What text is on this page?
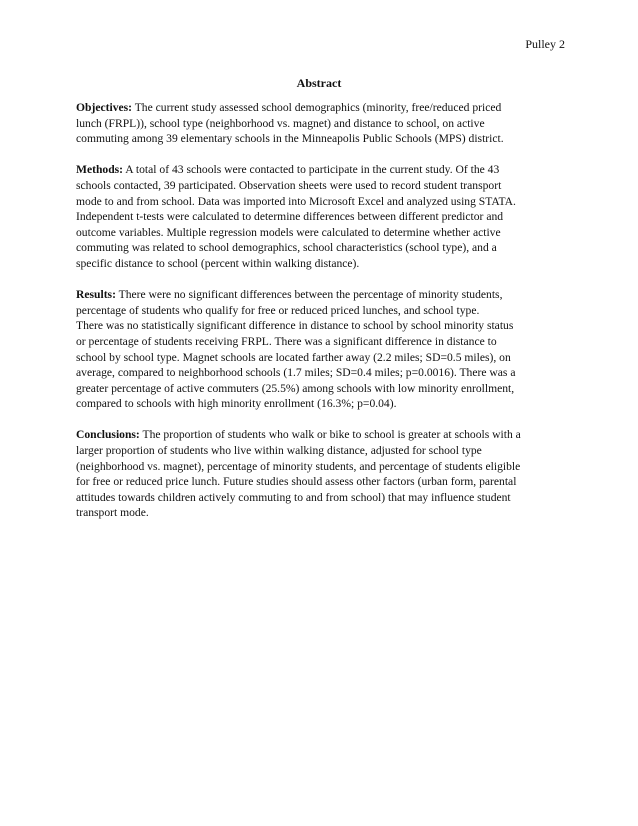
Pulley 2
Abstract

Objectives: The current study assessed school demographics (minority, free/reduced priced
lunch (FRPL)), school type (neighborhood vs. magnet) and distance to school, on active
commuting among 39 elementary schools in the Minneapolis Public Schools (MPS) district.

Methods: A total of 43 schools were contacted to participate in the current study. Of the 43
schools contacted, 39 participated. Observation sheets were used to record student transport
mode to and from school. Data was imported into Microsoft Excel and analyzed using STATA.
Independent t-tests were calculated to determine differences between different predictor and
outcome variables. Multiple regression models were calculated to determine whether active
commuting was related to school demographics, school characteristics (school type), and a
specific distance to school (percent within walking distance).

Results: There were no significant differences between the percentage of minority students,
percentage of students who qualify for free or reduced priced lunches, and school type.
There was no statistically significant difference in distance to school by school minority status
or percentage of students receiving FRPL. There was a significant difference in distance to
school by school type. Magnet schools are located farther away (2.2 miles; SD=0.5 miles), on
average, compared to neighborhood schools (1.7 miles; SD=0.4 miles; p=0.0016). There was a
greater percentage of active commuters (25.5%) among schools with low minority enrollment,
compared to schools with high minority enrollment (16.3%; p=0.04).

Conclusions: The proportion of students who walk or bike to school is greater at schools with a
larger proportion of students who live within walking distance, adjusted for school type
(neighborhood vs. magnet), percentage of minority students, and percentage of students eligible
for free or reduced price lunch. Future studies should assess other factors (urban form, parental
attitudes towards children actively commuting to and from school) that may influence student
transport mode.
